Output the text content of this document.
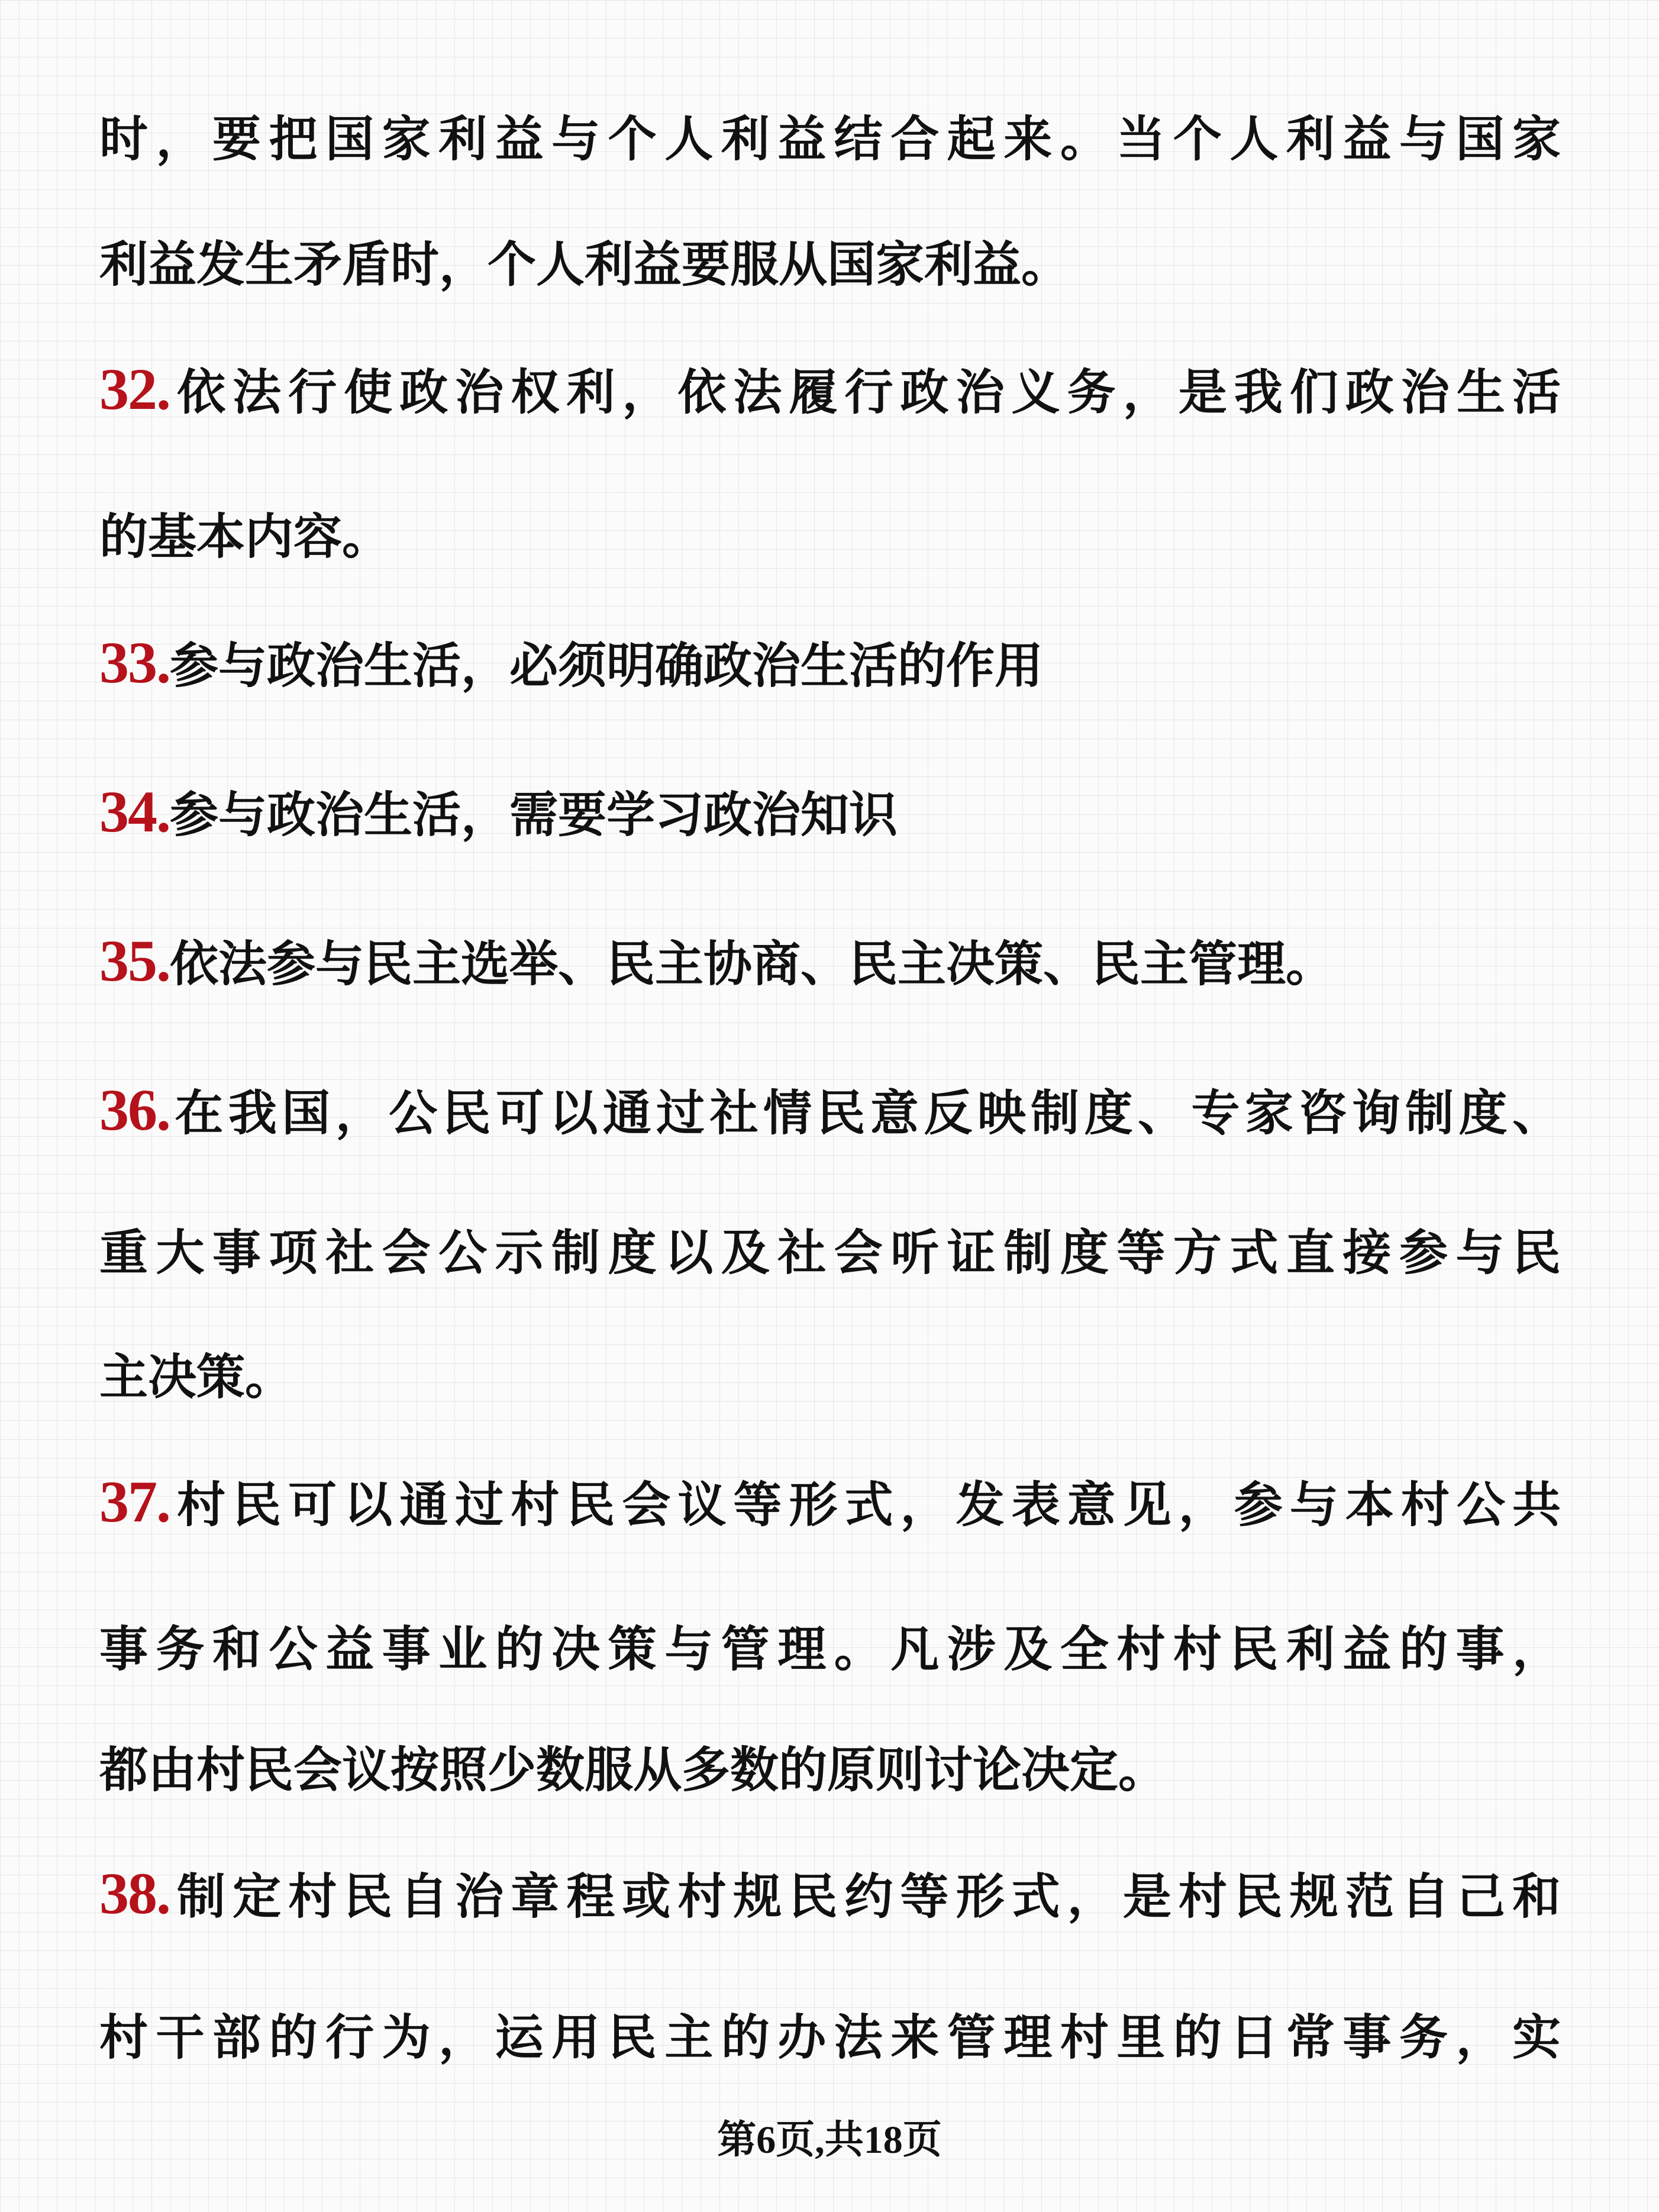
时，要把国家利益与个人利益结合起来。当个人利益与国家
利益发生矛盾时，个人利益要服从国家利益。
32.依法行使政治权利，依法履行政治义务，是我们政治生活
的基本内容。
33.参与政治生活，必须明确政治生活的作用
34.参与政治生活，需要学习政治知识
35.依法参与民主选举、民主协商、民主决策、民主管理。
36.在我国，公民可以通过社情民意反映制度、专家咨询制度、
重大事项社会公示制度以及社会听证制度等方式直接参与民
主决策。
37.村民可以通过村民会议等形式，发表意见，参与本村公共
事务和公益事业的决策与管理。凡涉及全村村民利益的事，
都由村民会议按照少数服从多数的原则讨论决定。
38.制定村民自治章程或村规民约等形式，是村民规范自己和
村干部的行为，运用民主的办法来管理村里的日常事务，实
第6页,共18页
